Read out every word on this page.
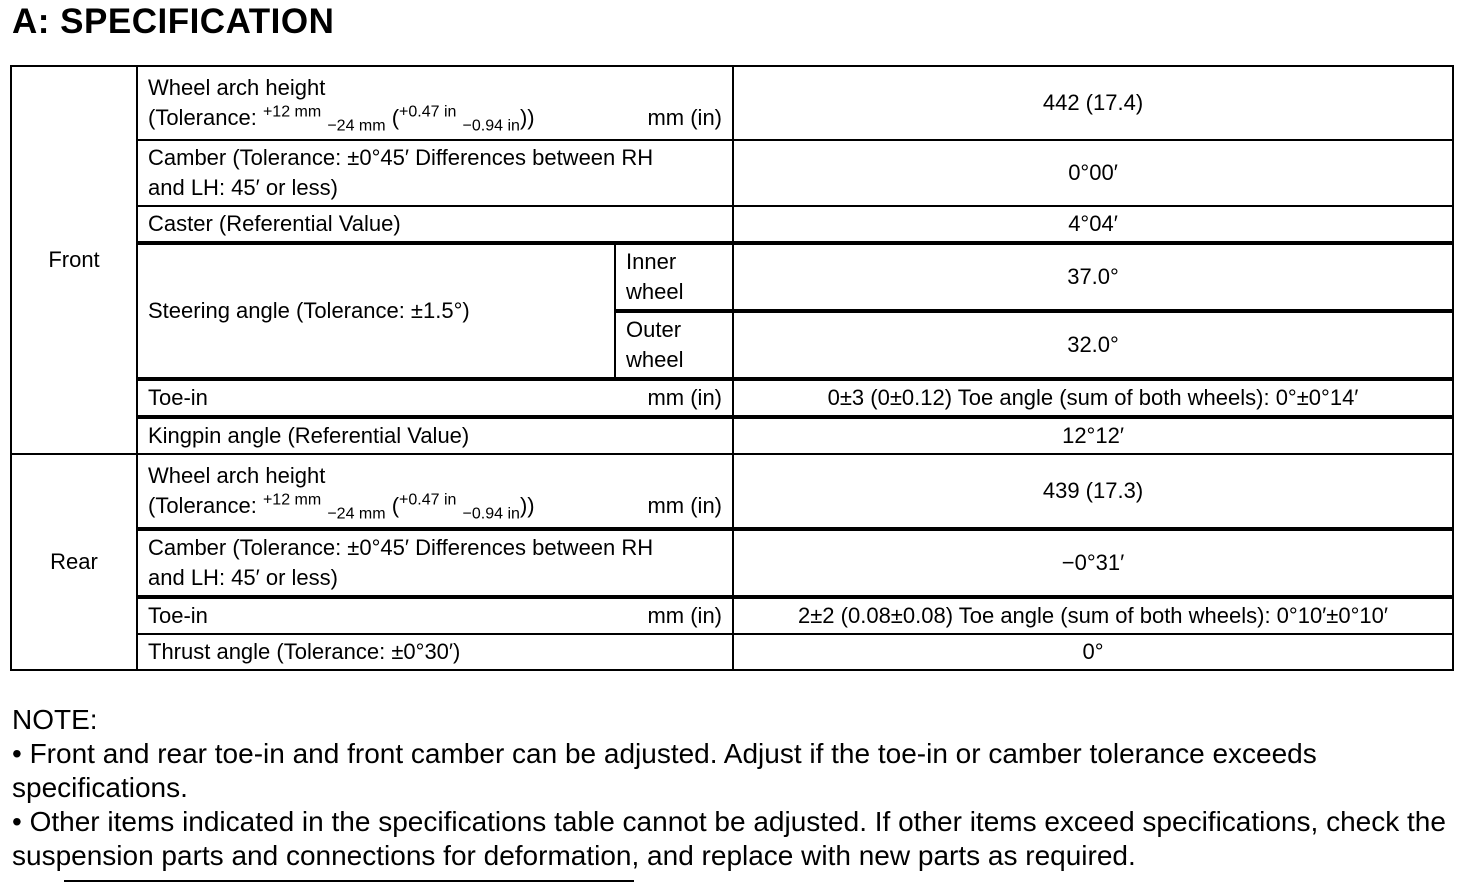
A: SPECIFICATION
Front	Wheel arch height
(Tolerance: $^{+12 mm}$ $_{-24 mm}$ ($^{+0.47 in}$ $_{-0.94 in}$)) mm (in)		442 (17.4)

	Camber (Tolerance: ±0°45′ Differences between RH
and LH: 45′ or less)		0°00′
	Caster (Referential Value)		4°04′
	Steering angle (Tolerance: ±1.5°)	Inner
wheel	37.0°

		Outer
wheel	32.0°

	Toe-in mm (in)		0±3 (0±0.12) Toe angle (sum of both wheels): 0°±0°14′
	Kingpin angle (Referential Value)		12°12′
Rear	Wheel arch height
(Tolerance: $^{+12 mm}$ $_{-24 mm}$ ($^{+0.47 in}$ $_{-0.94 in}$)) mm (in)		439 (17.3)

	Camber (Tolerance: ±0°45′ Differences between RH
and LH: 45′ or less)		−0°31′

	Toe-in mm (in)		2±2 (0.08±0.08) Toe angle (sum of both wheels): 0°10′±0°10′
	Thrust angle (Tolerance: ±0°30′)		0°

NOTE:

• Front and rear toe-in and front camber can be adjusted. Adjust if the toe-in or camber tolerance exceeds specifications.

• Other items indicated in the specifications table cannot be adjusted. If other items exceed specifications, check the suspension parts and connections for deformation, and replace with new parts as required.
